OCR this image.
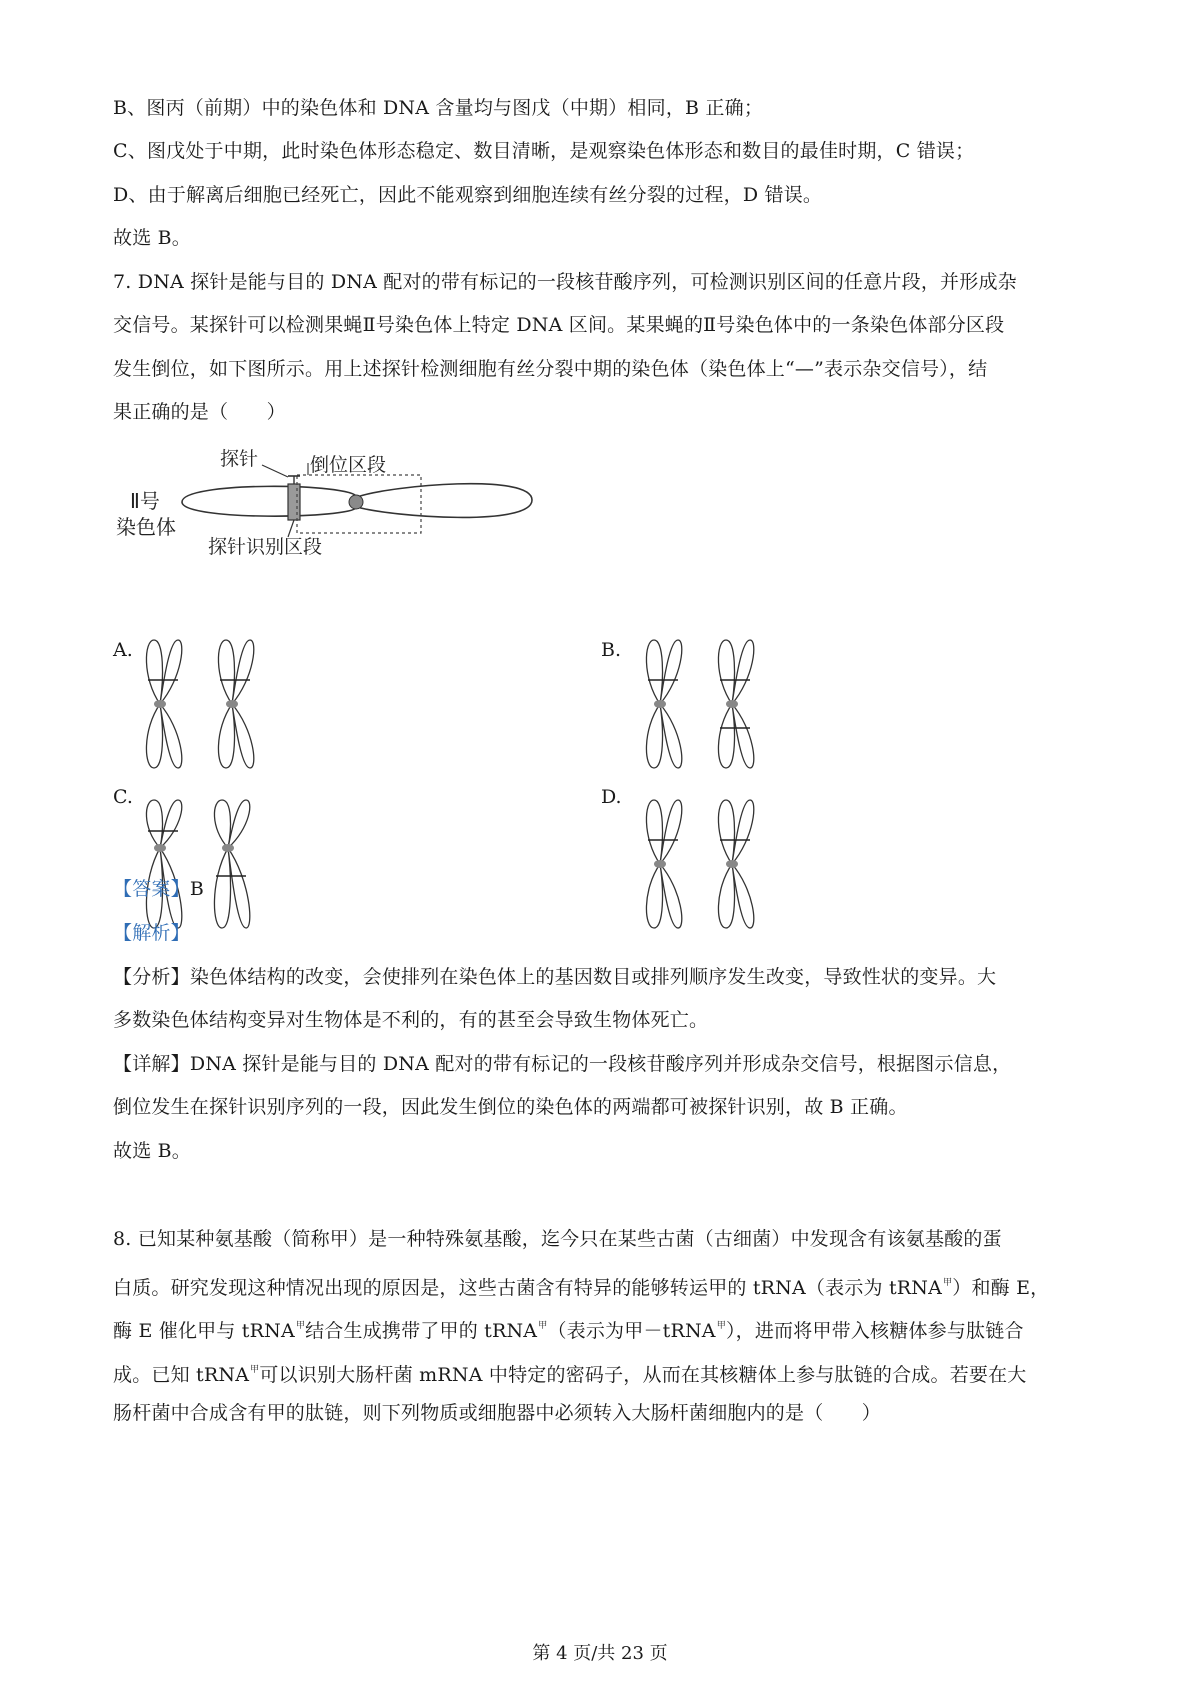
B、图丙（前期）中的染色体和 DNA 含量均与图戊（中期）相同，B 正确；
C、图戊处于中期，此时染色体形态稳定、数目清晰，是观察染色体形态和数目的最佳时期，C 错误；
D、由于解离后细胞已经死亡，因此不能观察到细胞连续有丝分裂的过程，D 错误。
故选 B。
7. DNA 探针是能与目的 DNA 配对的带有标记的一段核苷酸序列，可检测识别区间的任意片段，并形成杂
交信号。某探针可以检测果蝇Ⅱ号染色体上特定 DNA 区间。某果蝇的Ⅱ号染色体中的一条染色体部分区段
发生倒位，如下图所示。用上述探针检测细胞有丝分裂中期的染色体（染色体上“—”表示杂交信号），结
果正确的是（　　）
Ⅱ号
染色体
探针	倒位区段
探针识别区段
A.	B.
C.	D.
【答案】B
【解析】
【分析】染色体结构的改变，会使排列在染色体上的基因数目或排列顺序发生改变，导致性状的变异。大
多数染色体结构变异对生物体是不利的，有的甚至会导致生物体死亡。
【详解】DNA 探针是能与目的 DNA 配对的带有标记的一段核苷酸序列并形成杂交信号，根据图示信息，
倒位发生在探针识别序列的一段，因此发生倒位的染色体的两端都可被探针识别，故 B 正确。
故选 B。
8. 已知某种氨基酸（简称甲）是一种特殊氨基酸，迄今只在某些古菌（古细菌）中发现含有该氨基酸的蛋
白质。研究发现这种情况出现的原因是，这些古菌含有特异的能够转运甲的 tRNA（表示为 tRNA$^甲$）和酶 E，
酶 E 催化甲与 tRNA$^甲$结合生成携带了甲的 tRNA$^甲$（表示为甲－tRNA$^甲$），进而将甲带入核糖体参与肽链合
成。已知 tRNA$^甲$可以识别大肠杆菌 mRNA 中特定的密码子，从而在其核糖体上参与肽链的合成。若要在大
肠杆菌中合成含有甲的肽链，则下列物质或细胞器中必须转入大肠杆菌细胞内的是（　　）
第 4 页/共 23 页
